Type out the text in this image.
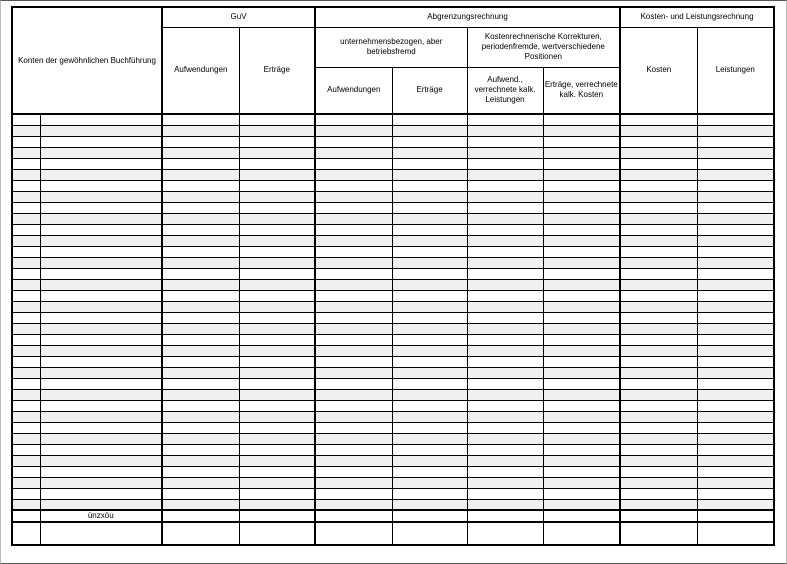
Konten der gewöhnlichen Buchführung		GuV		Abgrenzungsrechnung				Kosten- und Leistungsrechnung	
		Aufwendungen	Erträge	unternehmensbezogen, aber betriebsfremd		Kostenrechnerische Korrekturen, periodenfremde, wertverschiedene Positionen		Kosten	Leistungen
				Aufwendungen	Erträge	Aufwend., verrechnete kalk. Leistungen	Erträge, verrechnete kalk. Kosten		

	ünzxöu								
